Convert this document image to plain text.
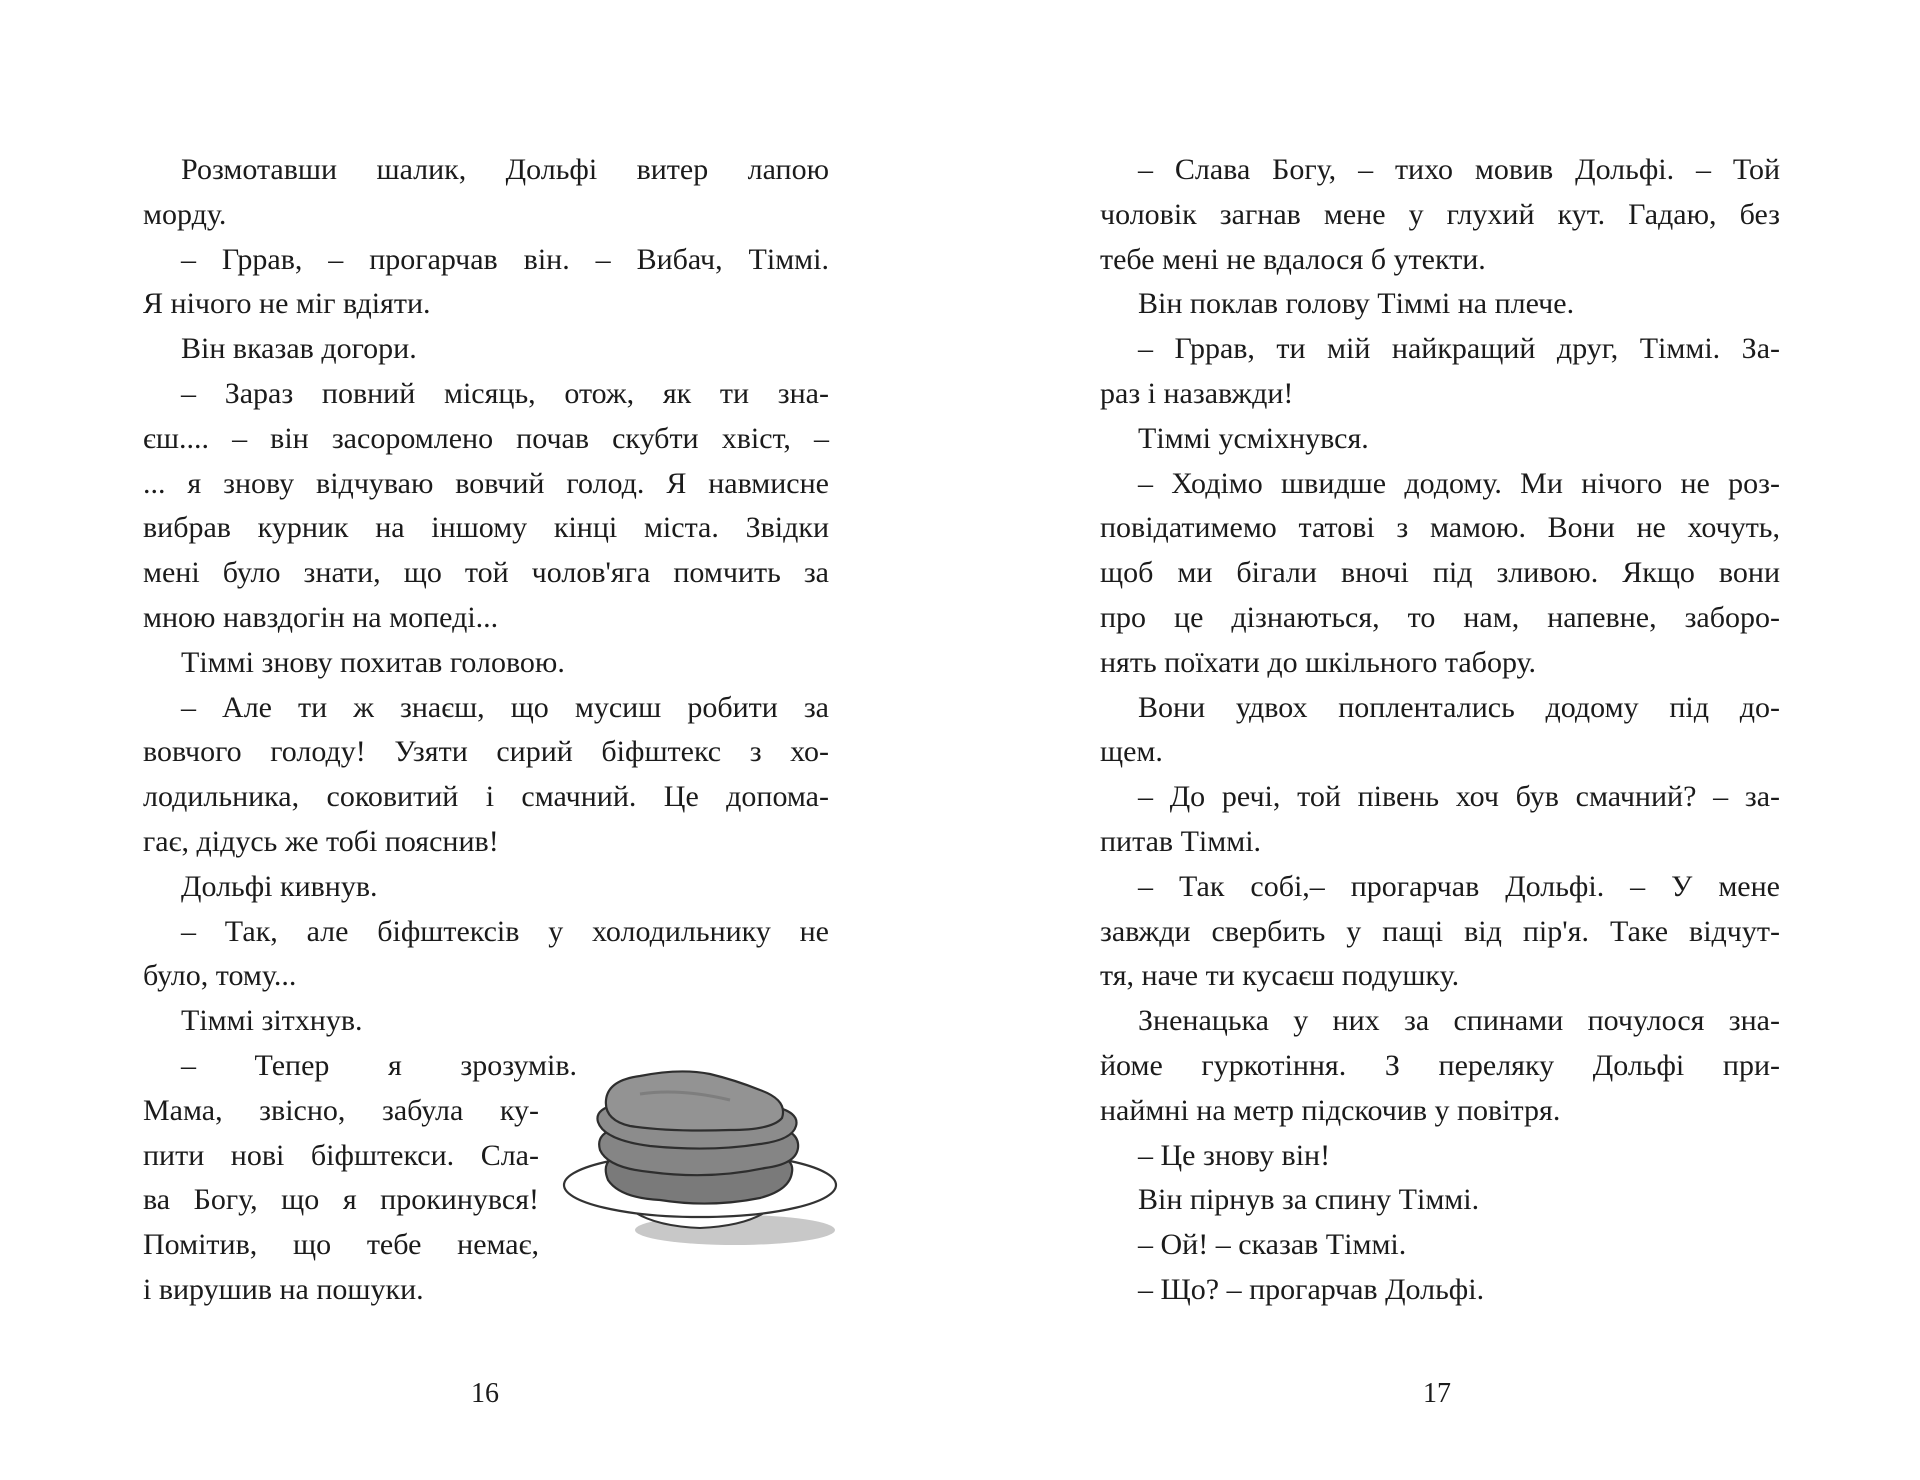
Розмотавши шалик, Дольфі витер лапою
морду.
– Гррав, – прогарчав він. – Вибач, Тіммі.
Я нічого не міг вдіяти.
Він вказав догори.
– Зараз повний місяць, отож, як ти зна-
єш.... – він засоромлено почав скубти хвіст, –
... я знову відчуваю вовчий голод. Я навмисне
вибрав курник на іншому кінці міста. Звідки
мені було знати, що той чолов'яга помчить за
мною навздогін на мопеді...
Тіммі знову похитав головою.
– Але ти ж знаєш, що мусиш робити за
вовчого голоду! Узяти сирий біфштекс з хо-
лодильника, соковитий і смачний. Це допома-
гає, дідусь же тобі пояснив!
Дольфі кивнув.
– Так, але біфштексів у холодильнику не
було, тому...
Тіммі зітхнув.
– Тепер я зрозумів.
Мама, звісно, забула ку-
пити нові біфштекси. Сла-
ва Богу, що я прокинувся!
Помітив, що тебе немає,
і вирушив на пошуки.
16
– Слава Богу, – тихо мовив Дольфі. – Той
чоловік загнав мене у глухий кут. Гадаю, без
тебе мені не вдалося б утекти.
Він поклав голову Тіммі на плече.
– Гррав, ти мій найкращий друг, Тіммі. За-
раз і назавжди!
Тіммі усміхнувся.
– Ходімо швидше додому. Ми нічого не роз-
повідатимемо татові з мамою. Вони не хочуть,
щоб ми бігали вночі під зливою. Якщо вони
про це дізнаються, то нам, напевне, заборо-
нять поїхати до шкільного табору.
Вони удвох поплентались додому під до-
щем.
– До речі, той півень хоч був смачний? – за-
питав Тіммі.
– Так собі,– прогарчав Дольфі. – У мене
завжди свербить у пащі від пір'я. Таке відчут-
тя, наче ти кусаєш подушку.
Зненацька у них за спинами почулося зна-
йоме гуркотіння. З переляку Дольфі при-
наймні на метр підскочив у повітря.
– Це знову він!
Він пірнув за спину Тіммі.
– Ой! – сказав Тіммі.
– Що? – прогарчав Дольфі.
17
